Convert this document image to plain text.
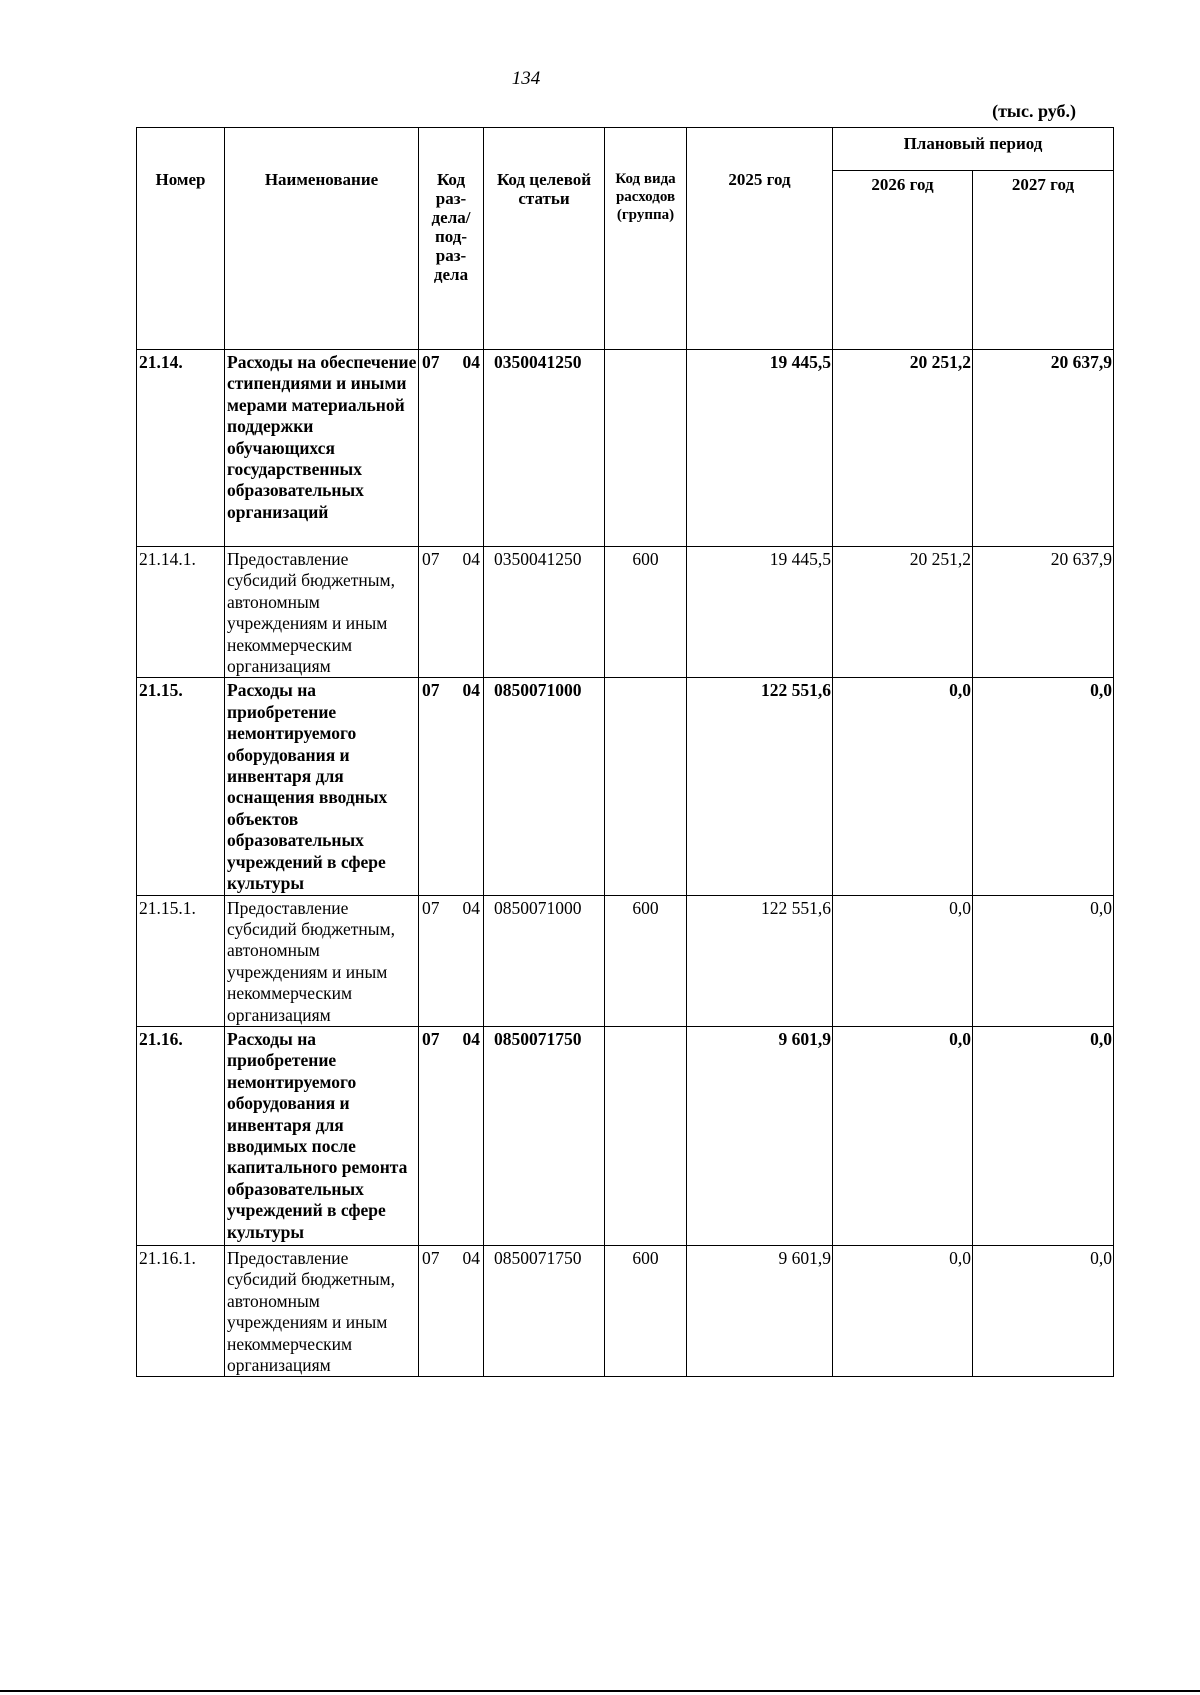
134
(тыс. руб.)
Номер	Наименование	Код раз- дела/ под- раз- дела	Код целевой статьи	Код вида расходов (группа)	2025 год	Плановый период	
						2026 год	2027 год
21.14.	Расходы на обеспечение стипендиями и иными мерами материальной поддержки обучающихся государственных образовательных организаций	07 04	0350041250		19 445,5	20 251,2	20 637,9
21.14.1.	Предоставление субсидий бюджетным, автономным учреждениям и иным некоммерческим организациям	07 04	0350041250	600	19 445,5	20 251,2	20 637,9
21.15.	Расходы на приобретение немонтируемого оборудования и инвентаря для оснащения вводных объектов образовательных учреждений в сфере культуры	07 04	0850071000		122 551,6	0,0	0,0
21.15.1.	Предоставление субсидий бюджетным, автономным учреждениям и иным некоммерческим организациям	07 04	0850071000	600	122 551,6	0,0	0,0
21.16.	Расходы на приобретение немонтируемого оборудования и инвентаря для вводимых после капитального ремонта образовательных учреждений в сфере культуры	07 04	0850071750		9 601,9	0,0	0,0
21.16.1.	Предоставление субсидий бюджетным, автономным учреждениям и иным некоммерческим организациям	07 04	0850071750	600	9 601,9	0,0	0,0
